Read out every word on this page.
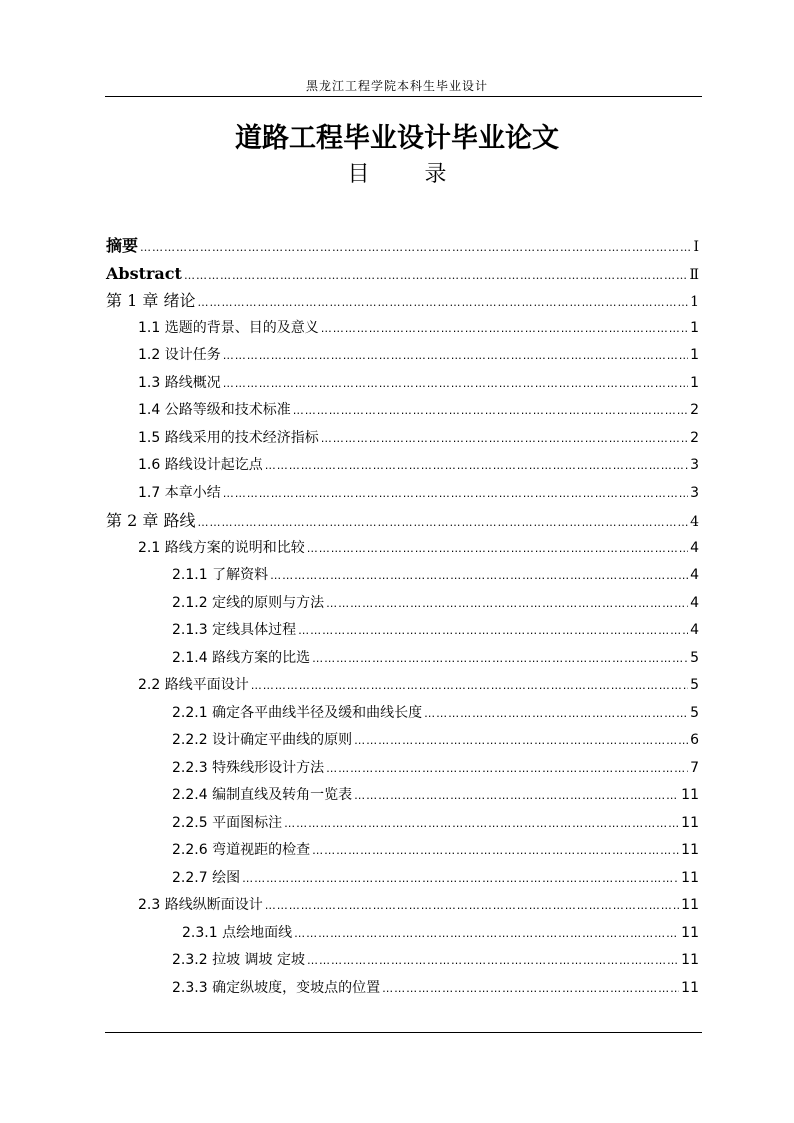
黑龙江工程学院本科生毕业设计
道路工程毕业设计毕业论文
目 录
摘要 …………………………………………………………………………………………………………………………………………………………………………………………………………	Ⅰ
Abstract …………………………………………………………………………………………………………………………………………………………………………………………………………	Ⅱ
第 1 章 绪论 …………………………………………………………………………………………………………………………………………………………………………………………………………	1
1.1 选题的背景、目的及意义 …………………………………………………………………………………………………………………………………………………………………………………………………………	1
1.2 设计任务 …………………………………………………………………………………………………………………………………………………………………………………………………………	1
1.3 路线概况 …………………………………………………………………………………………………………………………………………………………………………………………………………	1
1.4 公路等级和技术标准 …………………………………………………………………………………………………………………………………………………………………………………………………………	2
1.5 路线采用的技术经济指标 …………………………………………………………………………………………………………………………………………………………………………………………………………	2
1.6 路线设计起讫点 …………………………………………………………………………………………………………………………………………………………………………………………………………	3
1.7 本章小结 …………………………………………………………………………………………………………………………………………………………………………………………………………	3
第 2 章 路线 …………………………………………………………………………………………………………………………………………………………………………………………………………	4
2.1 路线方案的说明和比较 …………………………………………………………………………………………………………………………………………………………………………………………………………	4
2.1.1 了解资料 …………………………………………………………………………………………………………………………………………………………………………………………………………	4
2.1.2 定线的原则与方法 …………………………………………………………………………………………………………………………………………………………………………………………………………	4
2.1.3 定线具体过程 …………………………………………………………………………………………………………………………………………………………………………………………………………	4
2.1.4 路线方案的比选 …………………………………………………………………………………………………………………………………………………………………………………………………………	5
2.2 路线平面设计 …………………………………………………………………………………………………………………………………………………………………………………………………………	5
2.2.1 确定各平曲线半径及缓和曲线长度 …………………………………………………………………………………………………………………………………………………………………………………………………………	5
2.2.2 设计确定平曲线的原则 …………………………………………………………………………………………………………………………………………………………………………………………………………	6
2.2.3 特殊线形设计方法 …………………………………………………………………………………………………………………………………………………………………………………………………………	7
2.2.4 编制直线及转角一览表 …………………………………………………………………………………………………………………………………………………………………………………………………………	11
2.2.5 平面图标注 …………………………………………………………………………………………………………………………………………………………………………………………………………	11
2.2.6 弯道视距的检查 …………………………………………………………………………………………………………………………………………………………………………………………………………	11
2.2.7 绘图 …………………………………………………………………………………………………………………………………………………………………………………………………………	11
2.3 路线纵断面设计 …………………………………………………………………………………………………………………………………………………………………………………………………………	11
2.3.1 点绘地面线 …………………………………………………………………………………………………………………………………………………………………………………………………………	11
2.3.2 拉坡 调坡 定坡 …………………………………………………………………………………………………………………………………………………………………………………………………………	11
2.3.3 确定纵坡度，变坡点的位置 …………………………………………………………………………………………………………………………………………………………………………………………………………	11
